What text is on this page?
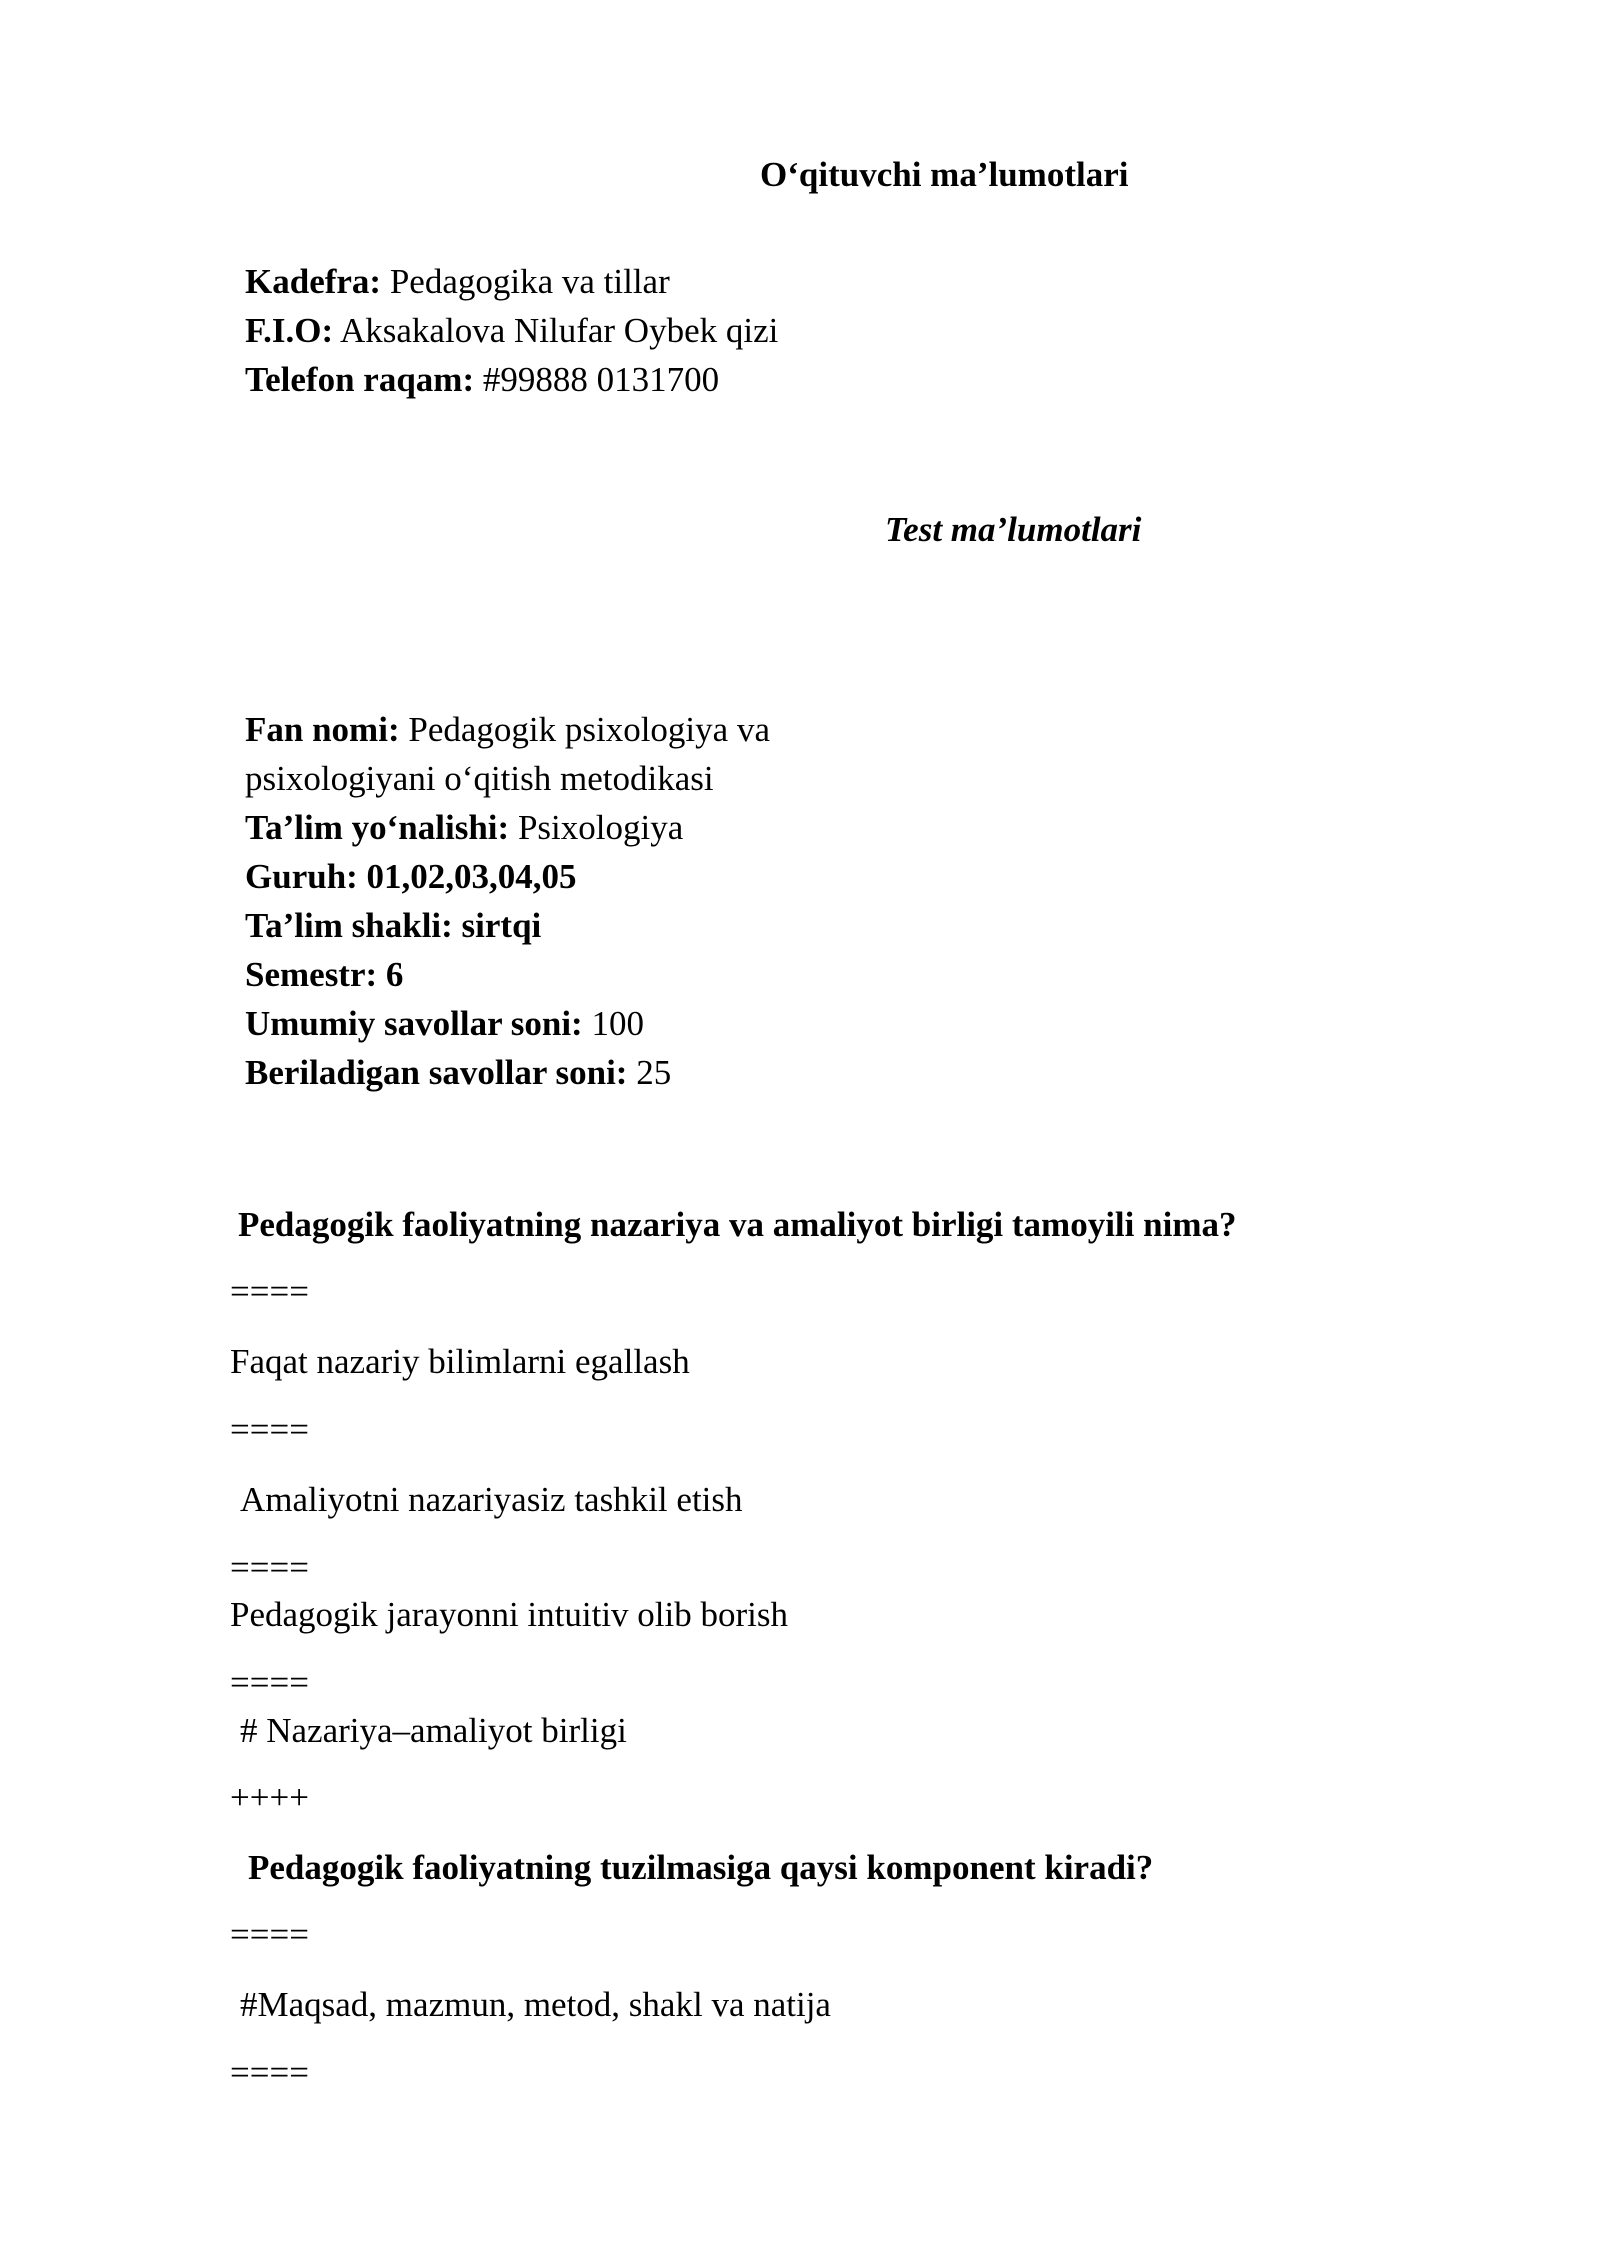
O‘qituvchi ma’lumotlari

Kadefra: Pedagogika va tillar

F.I.O: Aksakalova Nilufar Oybek qizi

Telefon raqam: #99888 0131700

Test ma’lumotlari

Fan nomi: Pedagogik psixologiya va

psixologiyani o‘qitish metodikasi

Ta’lim yo‘nalishi: Psixologiya

Guruh: 01,02,03,04,05

Ta’lim shakli: sirtqi

Semestr: 6

Umumiy savollar soni: 100

Beriladigan savollar soni: 25

Pedagogik faoliyatning nazariya va amaliyot birligi tamoyili nima?

====

Faqat nazariy bilimlarni egallash

====

Amaliyotni nazariyasiz tashkil etish

====

Pedagogik jarayonni intuitiv olib borish

====

# Nazariya–amaliyot birligi

++++

Pedagogik faoliyatning tuzilmasiga qaysi komponent kiradi?

====

#Maqsad, mazmun, metod, shakl va natija

====
